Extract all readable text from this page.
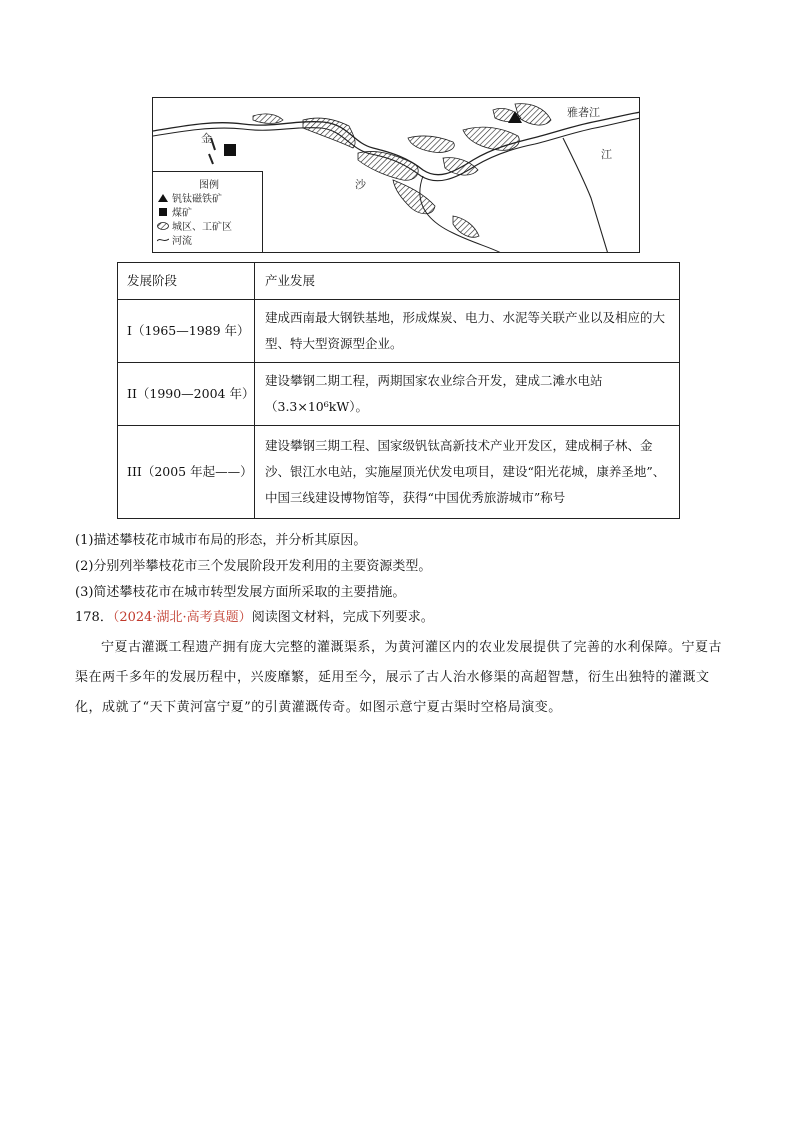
金
雅砻江
江
沙
图例
钒钛磁铁矿
煤矿
城区、工矿区
河流
发展阶段	产业发展
I（1965—1989 年）	建成西南最大钢铁基地，形成煤炭、电力、水泥等关联产业以及相应的大型、特大型资源型企业。
II（1990—2004 年）	建设攀钢二期工程，两期国家农业综合开发，建成二滩水电站（3.3×10⁶kW）。
III（2005 年起——）	建设攀钢三期工程、国家级钒钛高新技术产业开发区，建成桐子林、金沙、银江水电站，实施屋顶光伏发电项目，建设“阳光花城，康养圣地”、中国三线建设博物馆等，获得“中国优秀旅游城市”称号
(1)描述攀枝花市城市布局的形态，并分析其原因。
(2)分别列举攀枝花市三个发展阶段开发利用的主要资源类型。
(3)简述攀枝花市在城市转型发展方面所采取的主要措施。
178．（2024·湖北·高考真题）阅读图文材料，完成下列要求。
宁夏古灌溉工程遗产拥有庞大完整的灌溉渠系，为黄河灌区内的农业发展提供了完善的水利保障。宁夏古渠在两千多年的发展历程中，兴废靡繁，延用至今，展示了古人治水修渠的高超智慧，衍生出独特的灌溉文化，成就了“天下黄河富宁夏”的引黄灌溉传奇。如图示意宁夏古渠时空格局演变。
